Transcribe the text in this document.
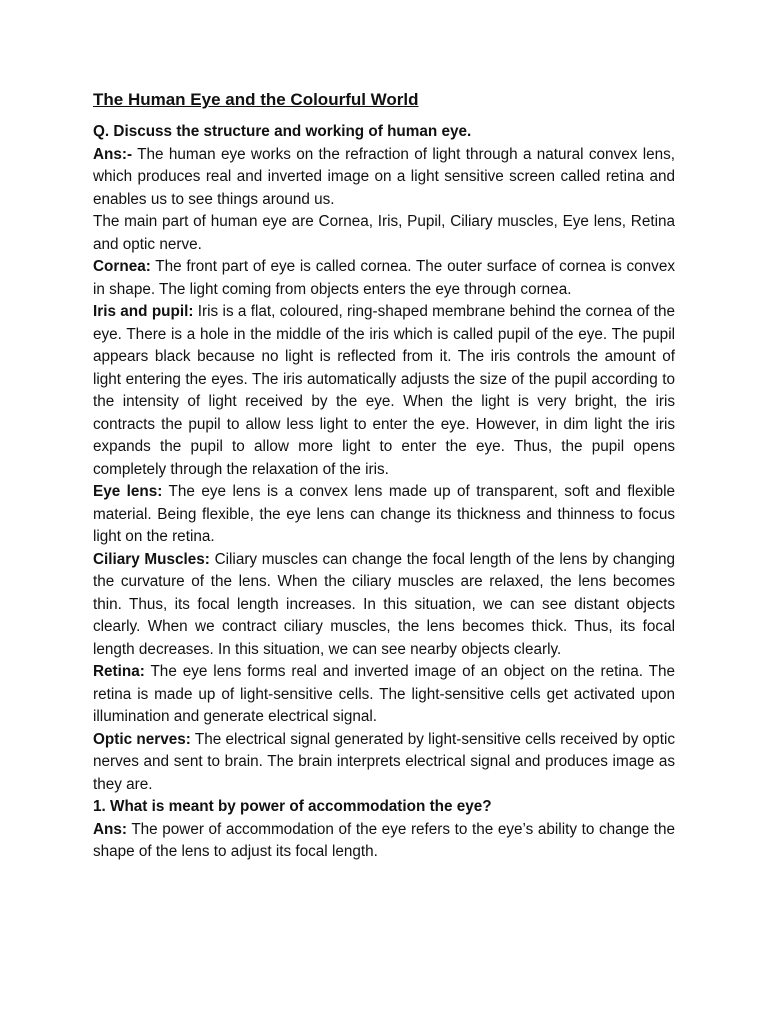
The Human Eye and the Colourful World

Q. Discuss the structure and working of human eye.

Ans:- The human eye works on the refraction of light through a natural convex lens, which produces real and inverted image on a light sensitive screen called retina and enables us to see things around us.

The main part of human eye are Cornea, Iris, Pupil, Ciliary muscles, Eye lens, Retina and optic nerve.

Cornea: The front part of eye is called cornea. The outer surface of cornea is convex in shape. The light coming from objects enters the eye through cornea.

Iris and pupil: Iris is a flat, coloured, ring-shaped membrane behind the cornea of the eye. There is a hole in the middle of the iris which is called pupil of the eye. The pupil appears black because no light is reflected from it. The iris controls the amount of light entering the eyes. The iris automatically adjusts the size of the pupil according to the intensity of light received by the eye. When the light is very bright, the iris contracts the pupil to allow less light to enter the eye. However, in dim light the iris expands the pupil to allow more light to enter the eye. Thus, the pupil opens completely through the relaxation of the iris.

Eye lens: The eye lens is a convex lens made up of transparent, soft and flexible material. Being flexible, the eye lens can change its thickness and thinness to focus light on the retina.

Ciliary Muscles: Ciliary muscles can change the focal length of the lens by changing the curvature of the lens. When the ciliary muscles are relaxed, the lens becomes thin. Thus, its focal length increases. In this situation, we can see distant objects clearly. When we contract ciliary muscles, the lens becomes thick. Thus, its focal length decreases. In this situation, we can see nearby objects clearly.

Retina: The eye lens forms real and inverted image of an object on the retina. The retina is made up of light-sensitive cells. The light-sensitive cells get activated upon illumination and generate electrical signal.

Optic nerves: The electrical signal generated by light-sensitive cells received by optic nerves and sent to brain. The brain interprets electrical signal and produces image as they are.

1. What is meant by power of accommodation the eye?

Ans: The power of accommodation of the eye refers to the eye’s ability to change the shape of the lens to adjust its focal length.
